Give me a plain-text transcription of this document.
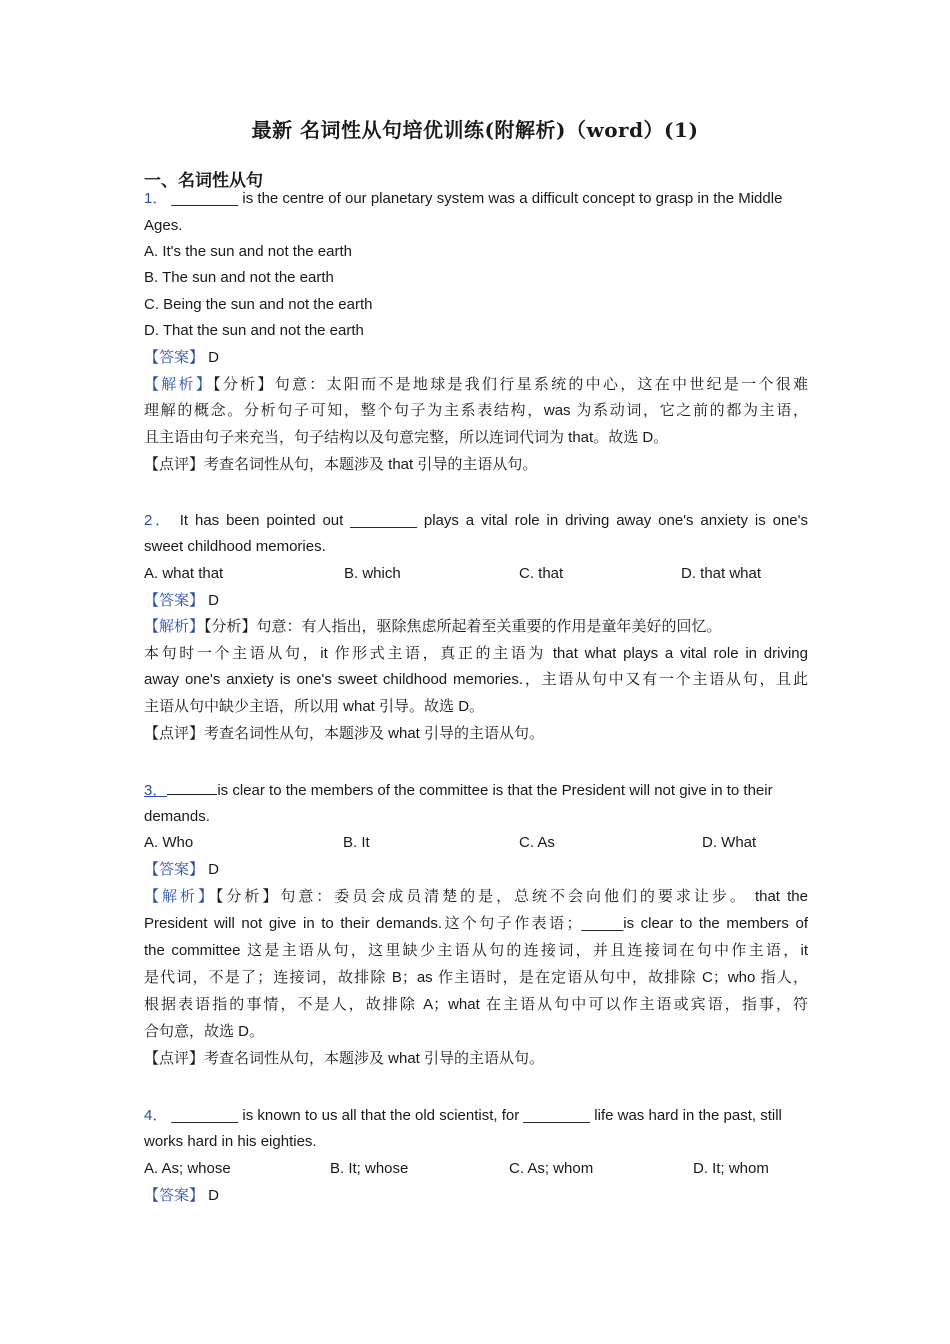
最新 名词性从句培优训练(附解析)（word）(1)
一、名词性从句
1． ________ is the centre of our planetary system was a difficult concept to grasp in the Middle
Ages.
A. It's the sun and not the earth
B. The sun and not the earth
C. Being the sun and not the earth
D. That the sun and not the earth
【答案】 D
【解析】【分析】句意：太阳而不是地球是我们行星系统的中心，这在中世纪是一个很难
理解的概念。分析句子可知，整个句子为主系表结构，was 为系动词，它之前的都为主语，
且主语由句子来充当，句子结构以及句意完整，所以连词代词为 that。故选 D。
【点评】考查名词性从句，本题涉及 that 引导的主语从句。
2． It has been pointed out ________ plays a vital role in driving away one's anxiety is one's
sweet childhood memories.
A. what that	B. which	C. that	D. that what
【答案】 D
【解析】【分析】句意：有人指出，驱除焦虑所起着至关重要的作用是童年美好的回忆。
本句时一个主语从句，it 作形式主语，真正的主语为 that what plays a vital role in driving
away one's anxiety is one's sweet childhood memories.，主语从句中又有一个主语从句，且此
主语从句中缺少主语，所以用 what 引导。故选 D。
【点评】考查名词性从句，本题涉及 what 引导的主语从句。
3．	is clear to the members of the committee is that the President will not give in to their
demands.
A. Who	B. It	C. As	D. What
【答案】 D
【解析】【分析】句意：委员会成员清楚的是，总统不会向他们的要求让步。 that the
President will not give in to their demands.这个句子作表语；_____is clear to the members of
the committee 这是主语从句，这里缺少主语从句的连接词，并且连接词在句中作主语，it
是代词，不是了；连接词，故排除 B；as 作主语时，是在定语从句中，故排除 C；who 指人，
根据表语指的事情，不是人，故排除 A；what 在主语从句中可以作主语或宾语，指事，符
合句意，故选 D。
【点评】考查名词性从句，本题涉及 what 引导的主语从句。
4． ________ is known to us all that the old scientist, for ________ life was hard in the past, still
works hard in his eighties.
A. As; whose	B. It; whose	C. As; whom	D. It; whom
【答案】 D
